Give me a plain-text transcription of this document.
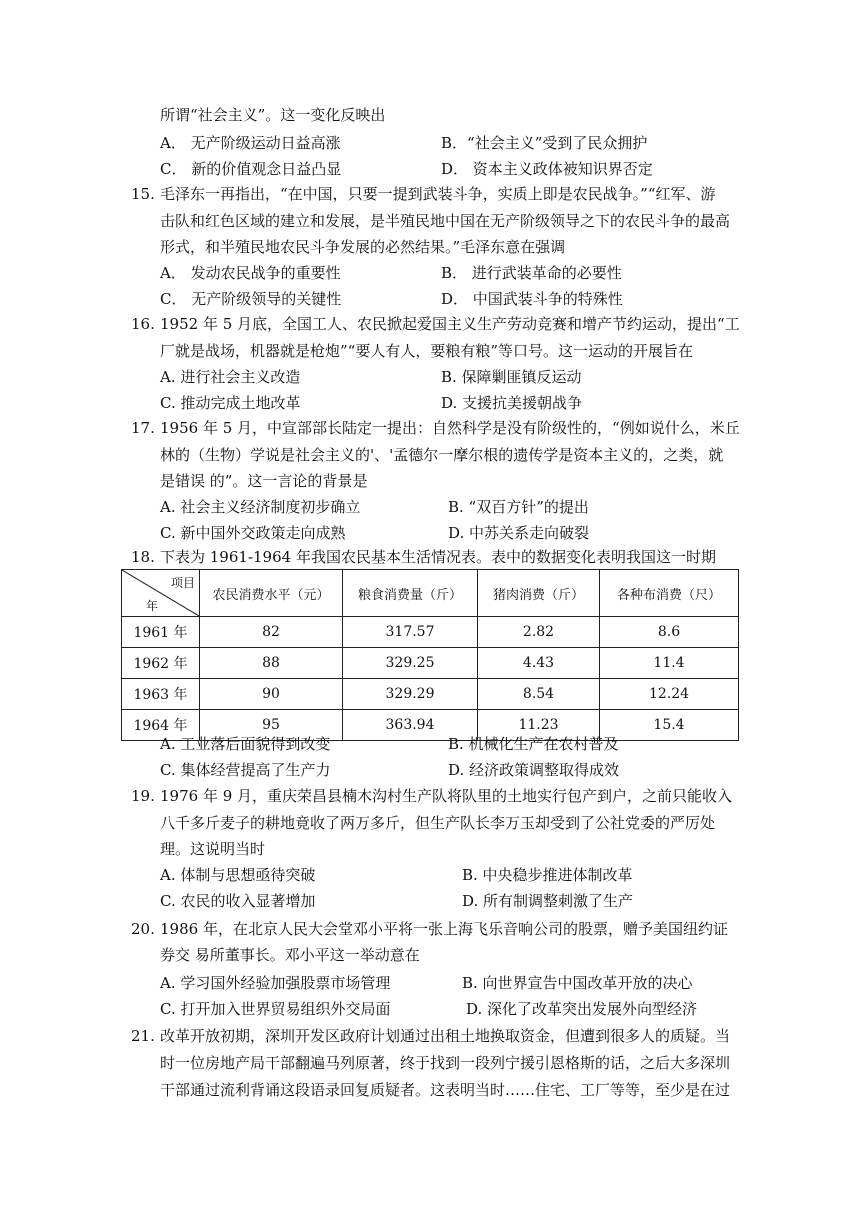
所谓“社会主义”。这一变化反映出
A． 无产阶级运动日益高涨	B．“社会主义”受到了民众拥护
C． 新的价值观念日益凸显	D． 资本主义政体被知识界否定
15. 毛泽东一再指出，“在中国，只要一提到武装斗争，实质上即是农民战争。”“红军、游
击队和红色区域的建立和发展，是半殖民地中国在无产阶级领导之下的农民斗争的最高
形式，和半殖民地农民斗争发展的必然结果。”毛泽东意在强调
A． 发动农民战争的重要性	B． 进行武装革命的必要性
C． 无产阶级领导的关键性	D． 中国武装斗争的特殊性
16. 1952 年 5 月底，全国工人、农民掀起爱国主义生产劳动竞赛和增产节约运动，提出“工
厂就是战场，机器就是枪炮”“要人有人，要粮有粮”等口号。这一运动的开展旨在
A. 进行社会主义改造	B. 保障剿匪镇反运动
C. 推动完成土地改革	D. 支援抗美援朝战争
17. 1956 年 5 月，中宣部部长陆定一提出：自然科学是没有阶级性的，“例如说什么，米丘
林的（生物）学说是社会主义的'、'孟德尔一摩尔根的遗传学是资本主义的，之类，就
是错误 的”。这一言论的背景是
A. 社会主义经济制度初步确立	B. “双百方针”的提出
C. 新中国外交政策走向成熟	D. 中苏关系走向破裂
18. 下表为 1961-1964 年我国农民基本生活情况表。表中的数据变化表明我国这一时期
项目
年	农民消费水平（元）	粮食消费量（斤）	猪肉消费（斤）	各种布消费（尺）
1961 年	82	317.57	2.82	8.6
1962 年	88	329.25	4.43	11.4
1963 年	90	329.29	8.54	12.24
1964 年	95	363.94	11.23	15.4
A. 工业落后面貌得到改变	B. 机械化生产在农村普及
C. 集体经营提高了生产力	D. 经济政策调整取得成效
19. 1976 年 9 月，重庆荣昌县楠木沟村生产队将队里的土地实行包产到户，之前只能收入
八千多斤麦子的耕地竟收了两万多斤，但生产队长李万玉却受到了公社党委的严厉处
理。这说明当时
A. 体制与思想亟待突破	B. 中央稳步推进体制改革
C. 农民的收入显著增加	D. 所有制调整刺激了生产
20. 1986 年，在北京人民大会堂邓小平将一张上海飞乐音响公司的股票，赠予美国纽约证
券交 易所董事长。邓小平这一举动意在
A. 学习国外经验加强股票市场管理	B. 向世界宣告中国改革开放的决心
C. 打开加入世界贸易组织外交局面	D. 深化了改革突出发展外向型经济
21. 改革开放初期，深圳开发区政府计划通过出租土地换取资金，但遭到很多人的质疑。当
时一位房地产局干部翻遍马列原著，终于找到一段列宁援引恩格斯的话，之后大多深圳
干部通过流利背诵这段语录回复质疑者。这表明当时……住宅、工厂等等，至少是在过
